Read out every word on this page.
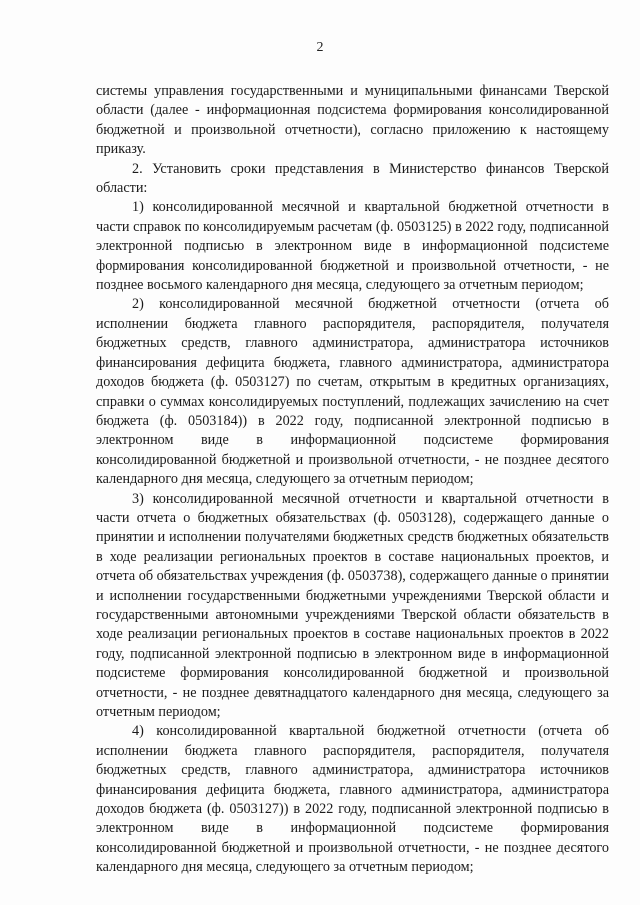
2

системы управления государственными и муниципальными финансами Тверской области (далее - информационная подсистема формирования консолидированной бюджетной и произвольной отчетности), согласно приложению к настоящему приказу.

2. Установить сроки представления в Министерство финансов Тверской области:

1) консолидированной месячной и квартальной бюджетной отчетности в части справок по консолидируемым расчетам (ф. 0503125) в 2022 году, подписанной электронной подписью в электронном виде в информационной подсистеме формирования консолидированной бюджетной и произвольной отчетности, - не позднее восьмого календарного дня месяца, следующего за отчетным периодом;

2) консолидированной месячной бюджетной отчетности (отчета об исполнении бюджета главного распорядителя, распорядителя, получателя бюджетных средств, главного администратора, администратора источников финансирования дефицита бюджета, главного администратора, администратора доходов бюджета (ф. 0503127) по счетам, открытым в кредитных организациях, справки о суммах консолидируемых поступлений, подлежащих зачислению на счет бюджета (ф. 0503184)) в 2022 году, подписанной электронной подписью в электронном виде в информационной подсистеме формирования консолидированной бюджетной и произвольной отчетности, - не позднее десятого календарного дня месяца, следующего за отчетным периодом;

3) консолидированной месячной отчетности и квартальной отчетности в части отчета о бюджетных обязательствах (ф. 0503128), содержащего данные о принятии и исполнении получателями бюджетных средств бюджетных обязательств в ходе реализации региональных проектов в составе национальных проектов, и отчета об обязательствах учреждения (ф. 0503738), содержащего данные о принятии и исполнении государственными бюджетными учреждениями Тверской области и государственными автономными учреждениями Тверской области обязательств в ходе реализации региональных проектов в составе национальных проектов в 2022 году, подписанной электронной подписью в электронном виде в информационной подсистеме формирования консолидированной бюджетной и произвольной отчетности, - не позднее девятнадцатого календарного дня месяца, следующего за отчетным периодом;

4) консолидированной квартальной бюджетной отчетности (отчета об исполнении бюджета главного распорядителя, распорядителя, получателя бюджетных средств, главного администратора, администратора источников финансирования дефицита бюджета, главного администратора, администратора доходов бюджета (ф. 0503127)) в 2022 году, подписанной электронной подписью в электронном виде в информационной подсистеме формирования консолидированной бюджетной и произвольной отчетности, - не позднее десятого календарного дня месяца, следующего за отчетным периодом;
